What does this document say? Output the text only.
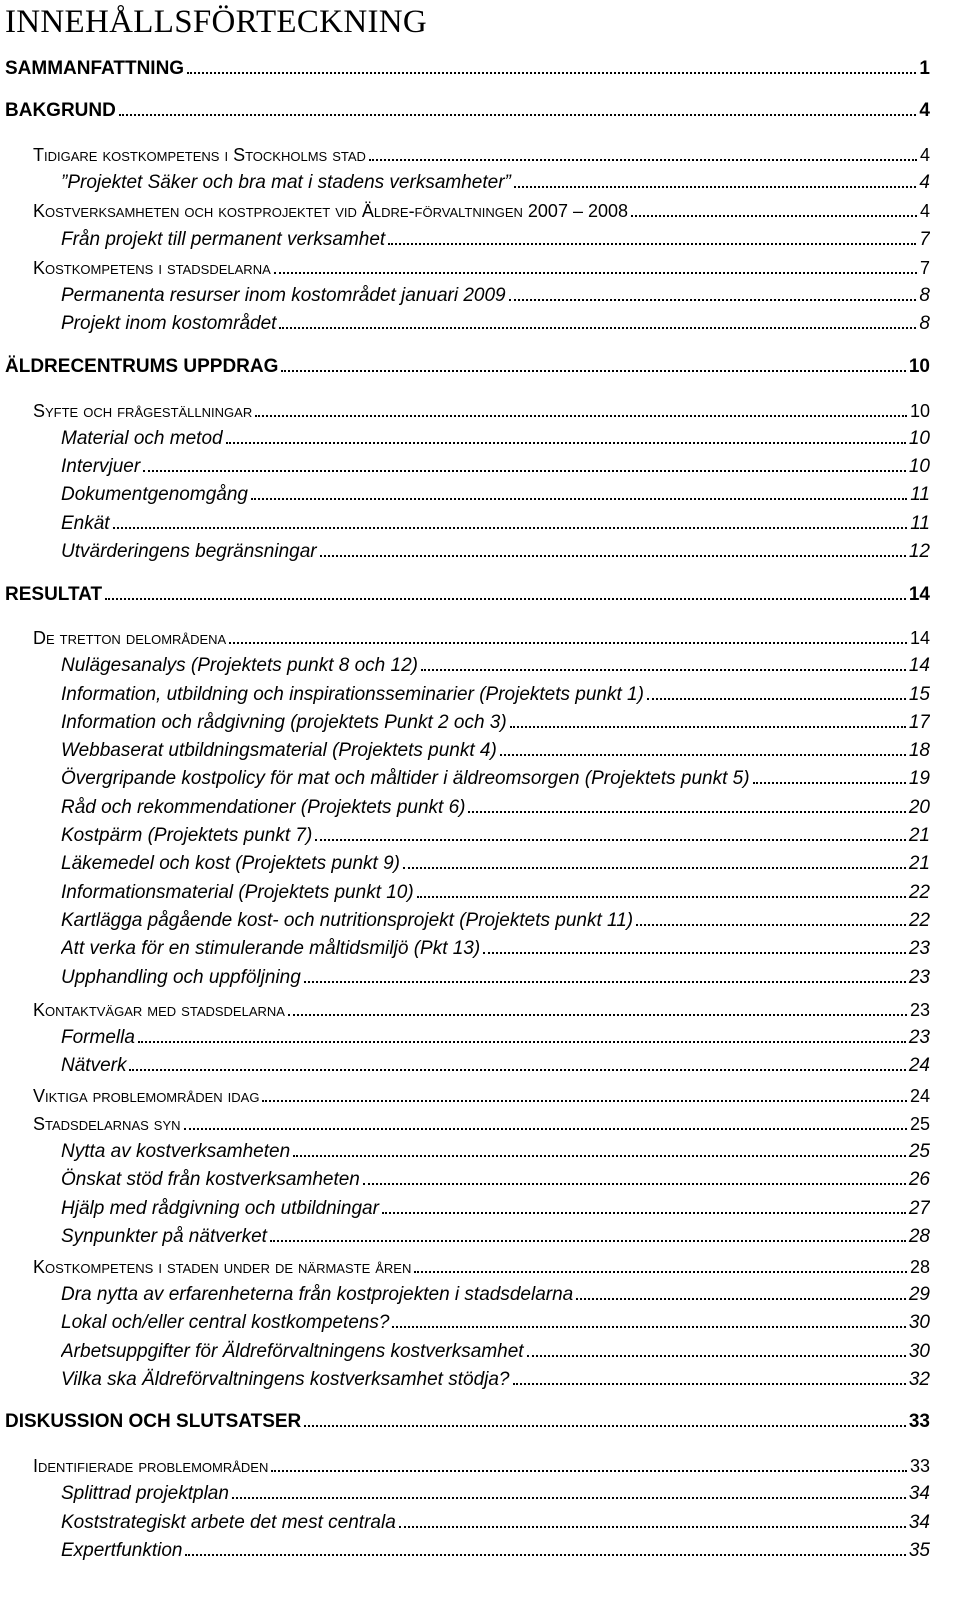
INNEHÅLLSFÖRTECKNING
SAMMANFATTNING	1
BAKGRUND	4
Tidigare kostkompetens i Stockholms stad	4
”Projektet Säker och bra mat i stadens verksamheter”	4
Kostverksamheten och kostprojektet vid Äldre-förvaltningen 2007 – 2008	4
Från projekt till permanent verksamhet	7
Kostkompetens i stadsdelarna	7
Permanenta resurser inom kostområdet januari 2009	8
Projekt inom kostområdet	8
ÄLDRECENTRUMS UPPDRAG	10
Syfte och frågeställningar	10
Material och metod	10
Intervjuer	10
Dokumentgenomgång	11
Enkät	11
Utvärderingens begränsningar	12
RESULTAT	14
De tretton delområdena	14
Nulägesanalys (Projektets punkt 8 och 12)	14
Information, utbildning och inspirationsseminarier (Projektets punkt 1)	15
Information och rådgivning (projektets Punkt 2 och 3)	17
Webbaserat utbildningsmaterial (Projektets punkt 4)	18
Övergripande kostpolicy för mat och måltider i äldreomsorgen (Projektets punkt 5)	19
Råd och rekommendationer (Projektets punkt 6)	20
Kostpärm (Projektets punkt 7)	21
Läkemedel och kost (Projektets punkt 9)	21
Informationsmaterial (Projektets punkt 10)	22
Kartlägga pågående kost- och nutritionsprojekt (Projektets punkt 11)	22
Att verka för en stimulerande måltidsmiljö (Pkt 13)	23
Upphandling och uppföljning	23
Kontaktvägar med stadsdelarna	23
Formella	23
Nätverk	24
Viktiga problemområden idag	24
Stadsdelarnas syn	25
Nytta av kostverksamheten	25
Önskat stöd från kostverksamheten	26
Hjälp med rådgivning och utbildningar	27
Synpunkter på nätverket	28
Kostkompetens i staden under de närmaste åren	28
Dra nytta av erfarenheterna från kostprojekten i stadsdelarna	29
Lokal och/eller central kostkompetens?	30
Arbetsuppgifter för Äldreförvaltningens kostverksamhet	30
Vilka ska Äldreförvaltningens kostverksamhet stödja?	32
DISKUSSION OCH SLUTSATSER	33
Identifierade problemområden	33
Splittrad projektplan	34
Koststrategiskt arbete det mest centrala	34
Expertfunktion	35
